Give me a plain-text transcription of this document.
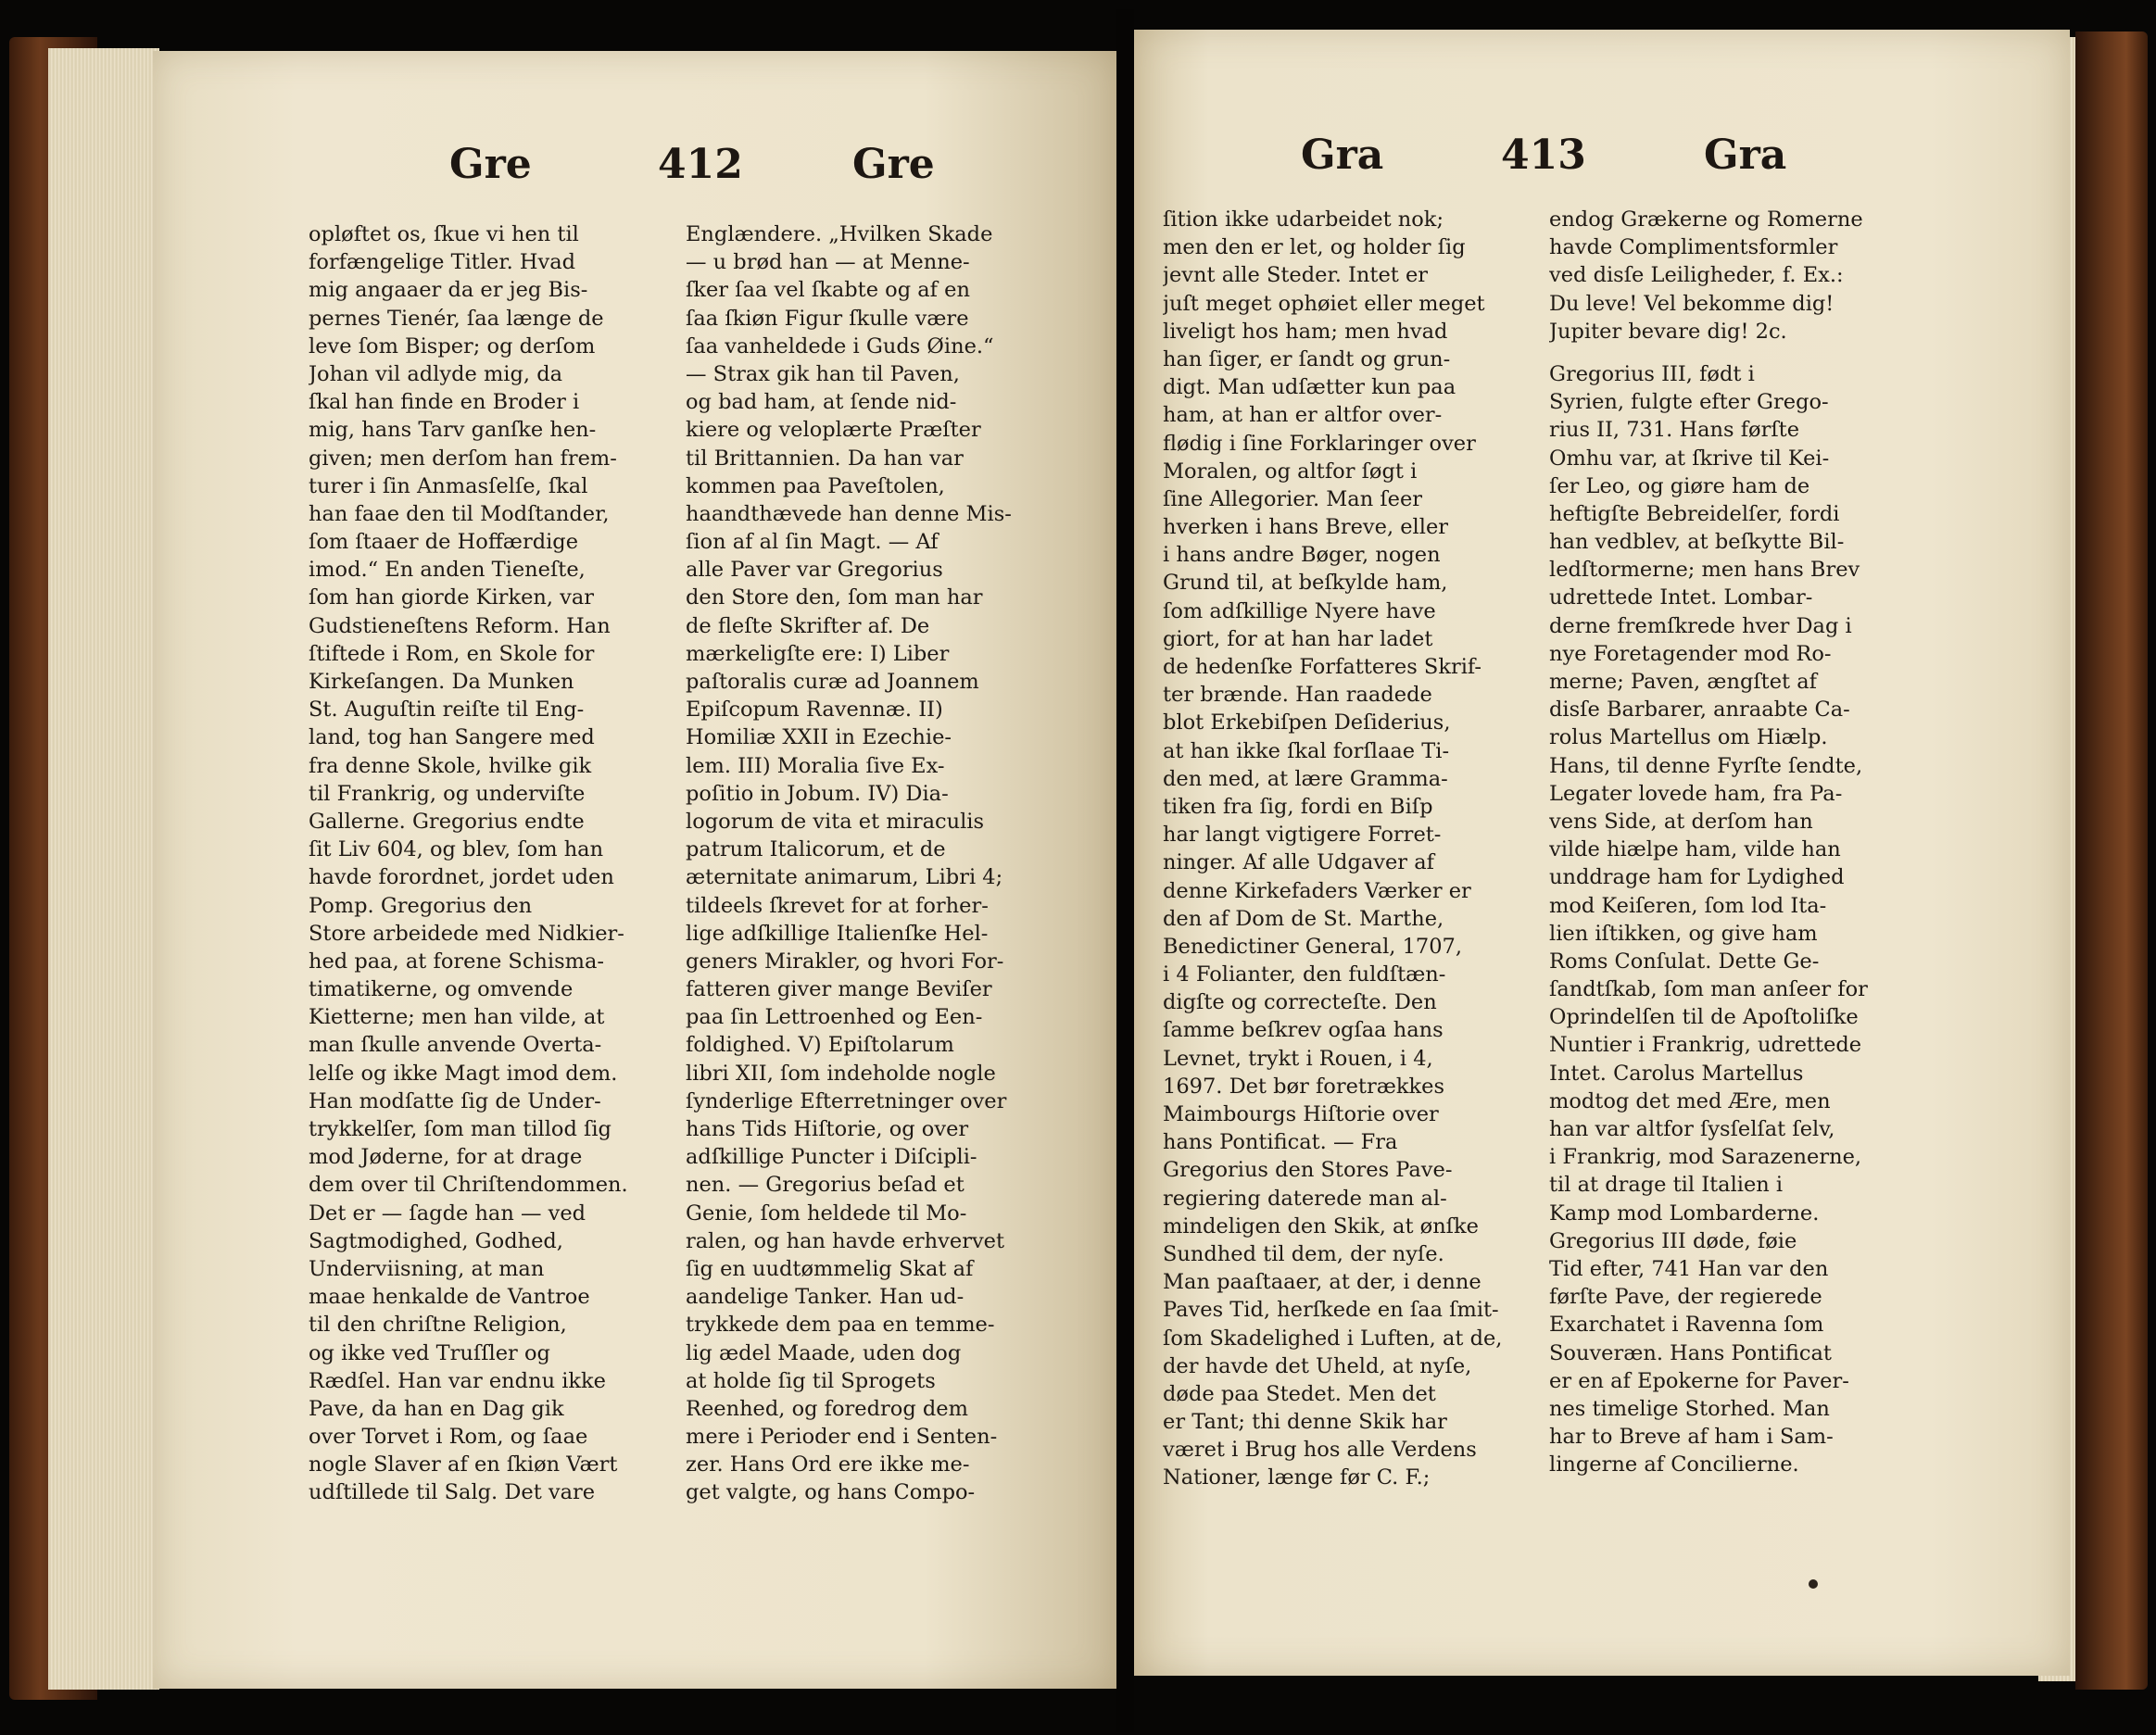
Gre	412	Gre	Gra	413	Gra
opløftet os, ſkue vi hen til
forfængelige Titler. Hvad
mig angaaer da er jeg Bis-
pernes Tienér, ſaa længe de
leve ſom Bisper; og derſom
Johan vil adlyde mig, da
ſkal han finde en Broder i
mig, hans Tarv ganſke hen-
given; men derſom han frem-
turer i ſin Anmasſelſe, ſkal
han faae den til Modſtander,
ſom ſtaaer de Hoffærdige
imod.“ En anden Tieneſte,
ſom han giorde Kirken, var
Gudstieneſtens Reform. Han
ſtiftede i Rom, en Skole for
Kirkeſangen. Da Munken
St. Auguſtin reiſte til Eng-
land, tog han Sangere med
fra denne Skole, hvilke gik
til Frankrig, og underviſte
Gallerne. Gregorius endte
ſit Liv 604, og blev, ſom han
havde forordnet, jordet uden
Pomp. Gregorius den
Store arbeidede med Nidkier-
hed paa, at forene Schisma-
timatikerne, og omvende
Kietterne; men han vilde, at
man ſkulle anvende Overta-
lelſe og ikke Magt imod dem.
Han modſatte ſig de Under-
trykkelſer, ſom man tillod ſig
mod Jøderne, for at drage
dem over til Chriſtendommen.
Det er — ſagde han — ved
Sagtmodighed, Godhed,
Underviisning, at man
maae henkalde de Vantroe
til den chriſtne Religion,
og ikke ved Truſſler og
Rædſel. Han var endnu ikke
Pave, da han en Dag gik
over Torvet i Rom, og ſaae
nogle Slaver af en ſkiøn Vært
udſtillede til Salg. Det vare
Englændere. „Hvilken Skade
— u brød han — at Menne-
ſker ſaa vel ſkabte og af en
ſaa ſkiøn Figur ſkulle være
ſaa vanheldede i Guds Øine.“
— Strax gik han til Paven,
og bad ham, at ſende nid-
kiere og veloplærte Præſter
til Brittannien. Da han var
kommen paa Paveſtolen,
haandthævede han denne Mis-
ſion af al ſin Magt. — Af
alle Paver var Gregorius
den Store den, ſom man har
de fleſte Skrifter af. De
mærkeligſte ere: I) Liber
paſtoralis curæ ad Joannem
Epiſcopum Ravennæ. II)
Homiliæ XXII in Ezechie-
lem. III) Moralia ſive Ex-
poſitio in Jobum. IV) Dia-
logorum de vita et miraculis
patrum Italicorum, et de
æternitate animarum, Libri 4;
tildeels ſkrevet for at forher-
lige adſkillige Italienſke Hel-
geners Mirakler, og hvori For-
fatteren giver mange Beviſer
paa ſin Lettroenhed og Een-
foldighed. V) Epiſtolarum
libri XII, ſom indeholde nogle
ſynderlige Efterretninger over
hans Tids Hiſtorie, og over
adſkillige Puncter i Diſcipli-
nen. — Gregorius beſad et
Genie, ſom heldede til Mo-
ralen, og han havde erhvervet
ſig en uudtømmelig Skat af
aandelige Tanker. Han ud-
trykkede dem paa en temme-
lig ædel Maade, uden dog
at holde ſig til Sprogets
Reenhed, og foredrog dem
mere i Perioder end i Senten-
zer. Hans Ord ere ikke me-
get valgte, og hans Compo-
ſition ikke udarbeidet nok;
men den er let, og holder ſig
jevnt alle Steder. Intet er
juſt meget ophøiet eller meget
liveligt hos ham; men hvad
han ſiger, er ſandt og grun-
digt. Man udſætter kun paa
ham, at han er altfor over-
flødig i ſine Forklaringer over
Moralen, og altfor ſøgt i
ſine Allegorier. Man ſeer
hverken i hans Breve, eller
i hans andre Bøger, nogen
Grund til, at beſkylde ham,
ſom adſkillige Nyere have
giort, for at han har ladet
de hedenſke Forfatteres Skrif-
ter brænde. Han raadede
blot Erkebiſpen Deſiderius,
at han ikke ſkal forſlaae Ti-
den med, at lære Gramma-
tiken fra ſig, fordi en Biſp
har langt vigtigere Forret-
ninger. Af alle Udgaver af
denne Kirkefaders Værker er
den af Dom de St. Marthe,
Benedictiner General, 1707,
i 4 Folianter, den fuldſtæn-
digſte og correcteſte. Den
ſamme beſkrev ogſaa hans
Levnet, trykt i Rouen, i 4,
1697. Det bør foretrækkes
Maimbourgs Hiſtorie over
hans Pontificat. — Fra
Gregorius den Stores Pave-
regiering daterede man al-
mindeligen den Skik, at ønſke
Sundhed til dem, der nyſe.
Man paaſtaaer, at der, i denne
Paves Tid, herſkede en ſaa ſmit-
ſom Skadelighed i Luften, at de,
der havde det Uheld, at nyſe,
døde paa Stedet. Men det
er Tant; thi denne Skik har
været i Brug hos alle Verdens
Nationer, længe før C. F.;
endog Grækerne og Romerne
havde Complimentsformler
ved disſe Leiligheder, f. Ex.:
Du leve! Vel bekomme dig!
Jupiter bevare dig! 2c.
Gregorius III, født i
Syrien, fulgte efter Grego-
rius II, 731. Hans førſte
Omhu var, at ſkrive til Kei-
ſer Leo, og giøre ham de
heftigſte Bebreidelſer, fordi
han vedblev, at beſkytte Bil-
ledſtormerne; men hans Brev
udrettede Intet. Lombar-
derne fremſkrede hver Dag i
nye Foretagender mod Ro-
merne; Paven, ængſtet af
disſe Barbarer, anraabte Ca-
rolus Martellus om Hiælp.
Hans, til denne Fyrſte ſendte,
Legater lovede ham, fra Pa-
vens Side, at derſom han
vilde hiælpe ham, vilde han
unddrage ham for Lydighed
mod Keiſeren, ſom lod Ita-
lien iſtikken, og give ham
Roms Conſulat. Dette Ge-
ſandtſkab, ſom man anſeer for
Oprindelſen til de Apoſtoliſke
Nuntier i Frankrig, udrettede
Intet. Carolus Martellus
modtog det med Ære, men
han var altfor ſysſelſat ſelv,
i Frankrig, mod Sarazenerne,
til at drage til Italien i
Kamp mod Lombarderne.
Gregorius III døde, føie
Tid efter, 741 Han var den
førſte Pave, der regierede
Exarchatet i Ravenna ſom
Souveræn. Hans Pontificat
er en af Epokerne for Paver-
nes timelige Storhed. Man
har to Breve af ham i Sam-
lingerne af Concilierne.
